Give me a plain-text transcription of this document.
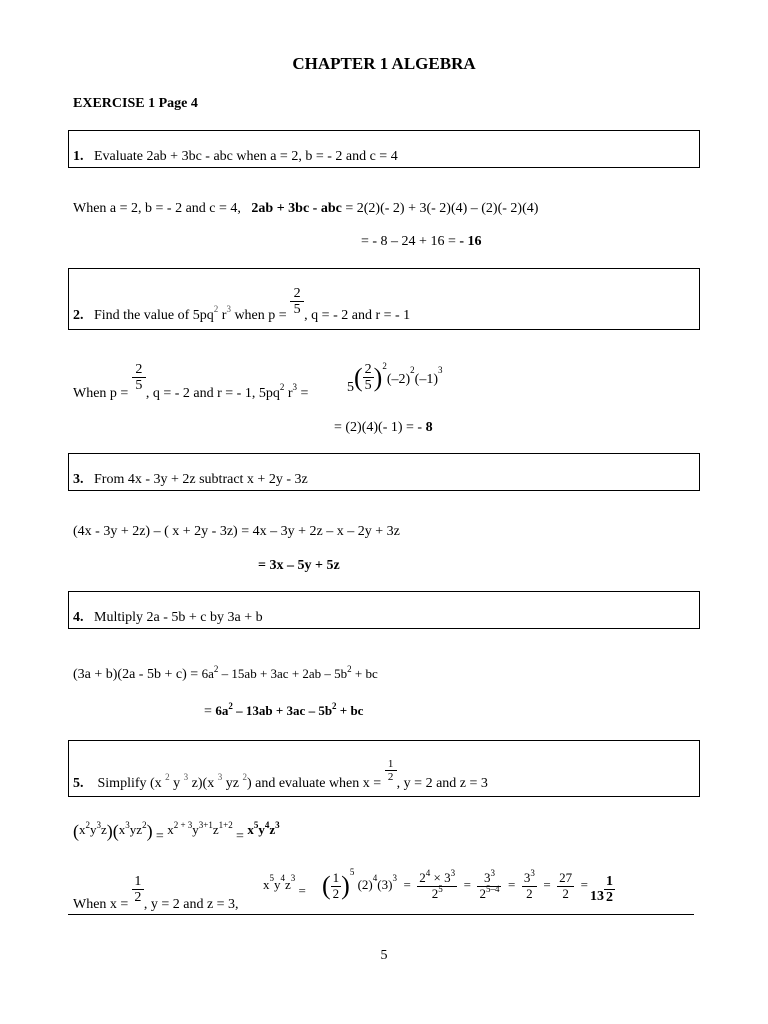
CHAPTER 1 ALGEBRA
EXERCISE 1 Page 4
1. Evaluate 2ab + 3bc - abc when a = 2, b = - 2 and c = 4
When a = 2, b = - 2 and c = 4, 2ab + 3bc - abc = 2(2)(- 2) + 3(- 2)(4) – (2)(- 2)(4)
= - 8 – 24 + 16 = - 16
2. Find the value of $5pq_2$ $r_3$ when $p = \frac{2}{5}$ , q = - 2 and r = - 1
When $p = \frac{2}{5}$ , q = - 2 and r = - 1, $5pq_2$ $r_3$ =	$5( \frac{2}{5} )^2(-2)^2(-1)^3$
= (2)(4)(- 1) = - 8
3. From 4x - 3y + 2z subtract x + 2y - 3z
(4x - 3y + 2z) – ( x + 2y - 3z) = 4x – 3y + 2z – x – 2y + 3z
= 3x – 5y + 5z
4. Multiply 2a - 5b + c by 3a + b
$(3a + b)(2a - 5b + c) = 6a^2 - 15ab + 3ac + 2ab - 5b^2$ + bc
= $6a^2 - 13ab + 3ac - 5b^2$ + bc
5. Simplify (x $_2$ y $_3$ z)(x $_3$ yz $_2$) and evaluate when x =
$\frac{1}{2}$
, y = 2 and z = 3
$(x^2y^3z)(x^3yz^2) = x^{2 + 3}y^{3+1}z^{1+2} = x^5y^4z^3$
When $x = \frac{1}{2}$ , y = 2 and z = 3,
$x_5y_4z_3$ = ( $\frac{1}{2} )^5$ $(2)^4(3)^3 = \frac{2^4 \times 3^3}{2^5} = \frac{3^3}{2^{5-4}} = \frac{3^3}{2} = \frac{27}{2}$ =
$13 \frac{1}{2}$
5
